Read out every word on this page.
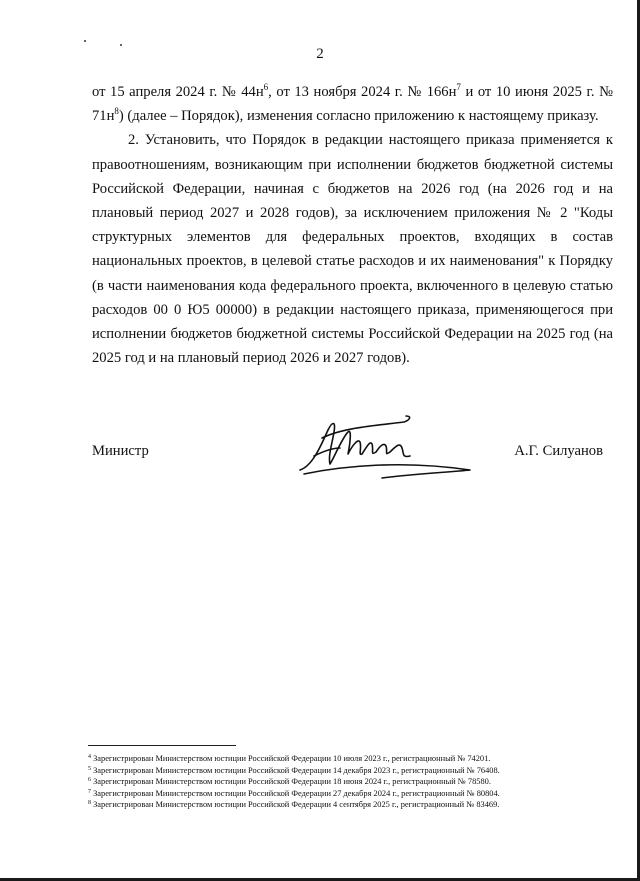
2

от 15 апреля 2024 г. № $44н^6$, от 13 ноября 2024 г. № $166н^7$ и от 10 июня 2025 г. № $71н^8$) (далее – Порядок), изменения согласно приложению к настоящему приказу.

2. Установить, что Порядок в редакции настоящего приказа применяется к правоотношениям, возникающим при исполнении бюджетов бюджетной системы Российской Федерации, начиная с бюджетов на 2026 год (на 2026 год и на плановый период 2027 и 2028 годов), за исключением приложения № 2 "Коды структурных элементов для федеральных проектов, входящих в состав национальных проектов, в целевой статье расходов и их наименования" к Порядку (в части наименования кода федерального проекта, включенного в целевую статью расходов 00 0 Ю5 00000) в редакции настоящего приказа, применяющегося при исполнении бюджетов бюджетной системы Российской Федерации на 2025 год (на 2025 год и на плановый период 2026 и 2027 годов).

Министр	А.Г. Силуанов
$^4$ Зарегистрирован Министерством юстиции Российской Федерации 10 июля 2023 г., регистрационный № 74201.
$^5$ Зарегистрирован Министерством юстиции Российской Федерации 14 декабря 2023 г., регистрационный № 76408.
$^6$ Зарегистрирован Министерством юстиции Российской Федерации 18 июня 2024 г., регистрационный № 78580.
$^7$ Зарегистрирован Министерством юстиции Российской Федерации 27 декабря 2024 г., регистрационный № 80804.
$^8$ Зарегистрирован Министерством юстиции Российской Федерации 4 сентября 2025 г., регистрационный № 83469.
